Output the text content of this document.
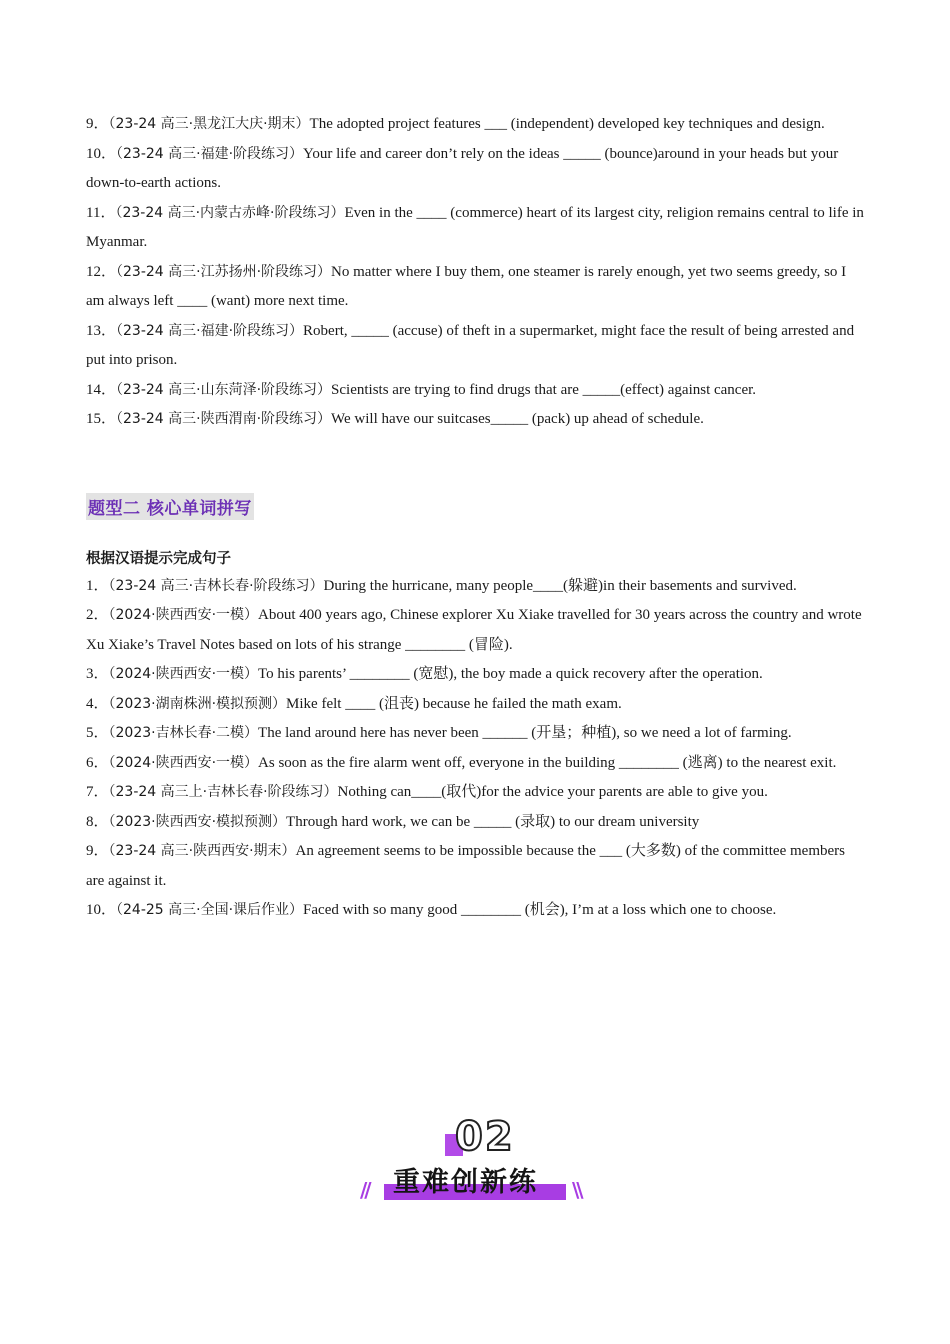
9．（23-24 高三·黑龙江大庆·期末）The adopted project features ___ (independent) developed key techniques and design.

10．（23-24 高三·福建·阶段练习）Your life and career don’t rely on the ideas _____ (bounce)around in your heads but your down-to-earth actions.

11．（23-24 高三·内蒙古赤峰·阶段练习）Even in the ____ (commerce) heart of its largest city, religion remains central to life in Myanmar.

12．（23-24 高三·江苏扬州·阶段练习）No matter where I buy them, one steamer is rarely enough, yet two seems greedy, so I am always left ____ (want) more next time.

13．（23-24 高三·福建·阶段练习）Robert, _____ (accuse) of theft in a supermarket, might face the result of being arrested and put into prison.

14．（23-24 高三·山东菏泽·阶段练习）Scientists are trying to find drugs that are _____(effect) against cancer.

15．（23-24 高三·陕西渭南·阶段练习）We will have our suitcases_____ (pack) up ahead of schedule.

题型二 核心单词拼写
根据汉语提示完成句子

1．（23-24 高三·吉林长春·阶段练习）During the hurricane, many people____(躲避)in their basements and survived.

2．（2024·陕西西安·一模）About 400 years ago, Chinese explorer Xu Xiake travelled for 30 years across the country and wrote Xu Xiake’s Travel Notes based on lots of his strange ________ (冒险).

3．（2024·陕西西安·一模）To his parents’ ________ (宽慰), the boy made a quick recovery after the operation.

4．（2023·湖南株洲·模拟预测）Mike felt ____ (沮丧) because he failed the math exam.

5．（2023·吉林长春·二模）The land around here has never been ______ (开垦；种植), so we need a lot of farming.

6．（2024·陕西西安·一模）As soon as the fire alarm went off, everyone in the building ________ (逃离) to the nearest exit.

7．（23-24 高三上·吉林长春·阶段练习）Nothing can____(取代)for the advice your parents are able to give you.

8．（2023·陕西西安·模拟预测）Through hard work, we can be _____ (录取) to our dream university

9．（23-24 高三·陕西西安·期末）An agreement seems to be impossible because the ___ (大多数) of the committee members are against it.

10．（24-25 高三·全国·课后作业）Faced with so many good ________ (机会), I’m at a loss which one to choose.

02
重难创新练
//	\\
